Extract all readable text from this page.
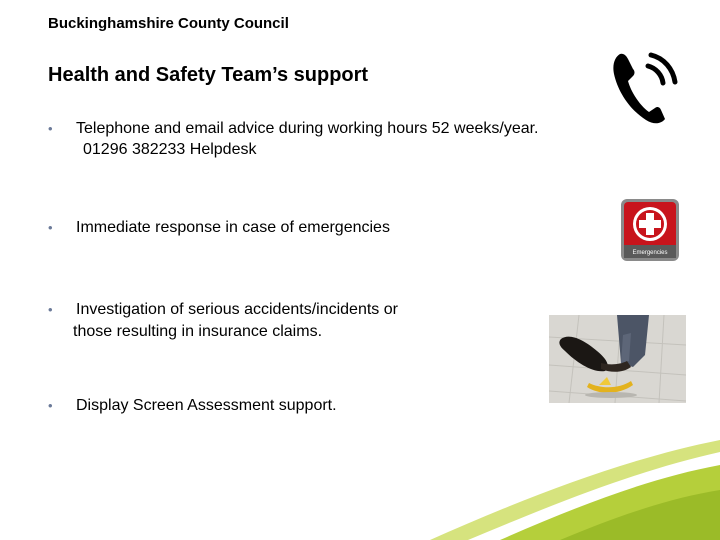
Buckinghamshire County Council
Health and Safety Team’s support
• Telephone and email advice during working hours 52 weeks/year.
01296 382233 Helpdesk
• Immediate response in case of emergencies
• Investigation of serious accidents/incidents or
those resulting in insurance claims.
• Display Screen Assessment support.
Emergencies
